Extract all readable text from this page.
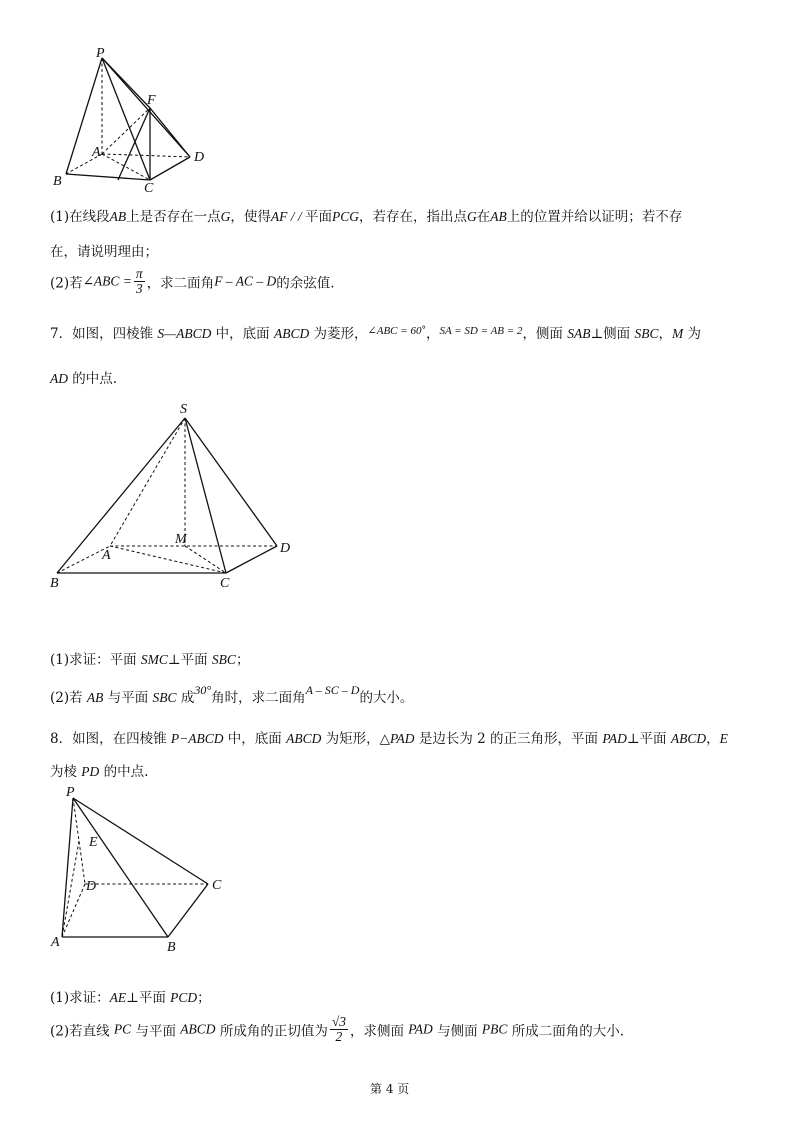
P
F
A	D
B	C
(1)在线段AB上是否存在一点G，使得AF / / 平面PCG，若存在，指出点G在AB上的位置并给以证明；若不存
在，请说明理由；
(2)若∠ABC = $\frac{\pi}{3}$ ，求二面角F – AC – D的余弦值.
7．如图，四棱锥 S—ABCD 中，底面 ABCD 为菱形，$^{\angle ABC = 60^\circ}$，$^{SA = SD = AB = 2}$，侧面 SAB⊥侧面 SBC，M 为
AD 的中点.
S
M
A	D
B	C
(1)求证：平面 SMC⊥平面 SBC；
(2)若 AB 与平面 SBC 成30°角时，求二面角A – SC – D的大小。
8．如图，在四棱锥 P−ABCD 中，底面 ABCD 为矩形，△PAD 是边长为 2 的正三角形，平面 PAD⊥平面 ABCD，E
为棱 PD 的中点.
P
E
D	C
A	B
(1)求证：AE⊥平面 PCD；
(2)若直线 PC 与平面 ABCD 所成角的正切值为 $\frac{√3}{2}$ ，求侧面 PAD 与侧面 PBC 所成二面角的大小.
第 4 页
